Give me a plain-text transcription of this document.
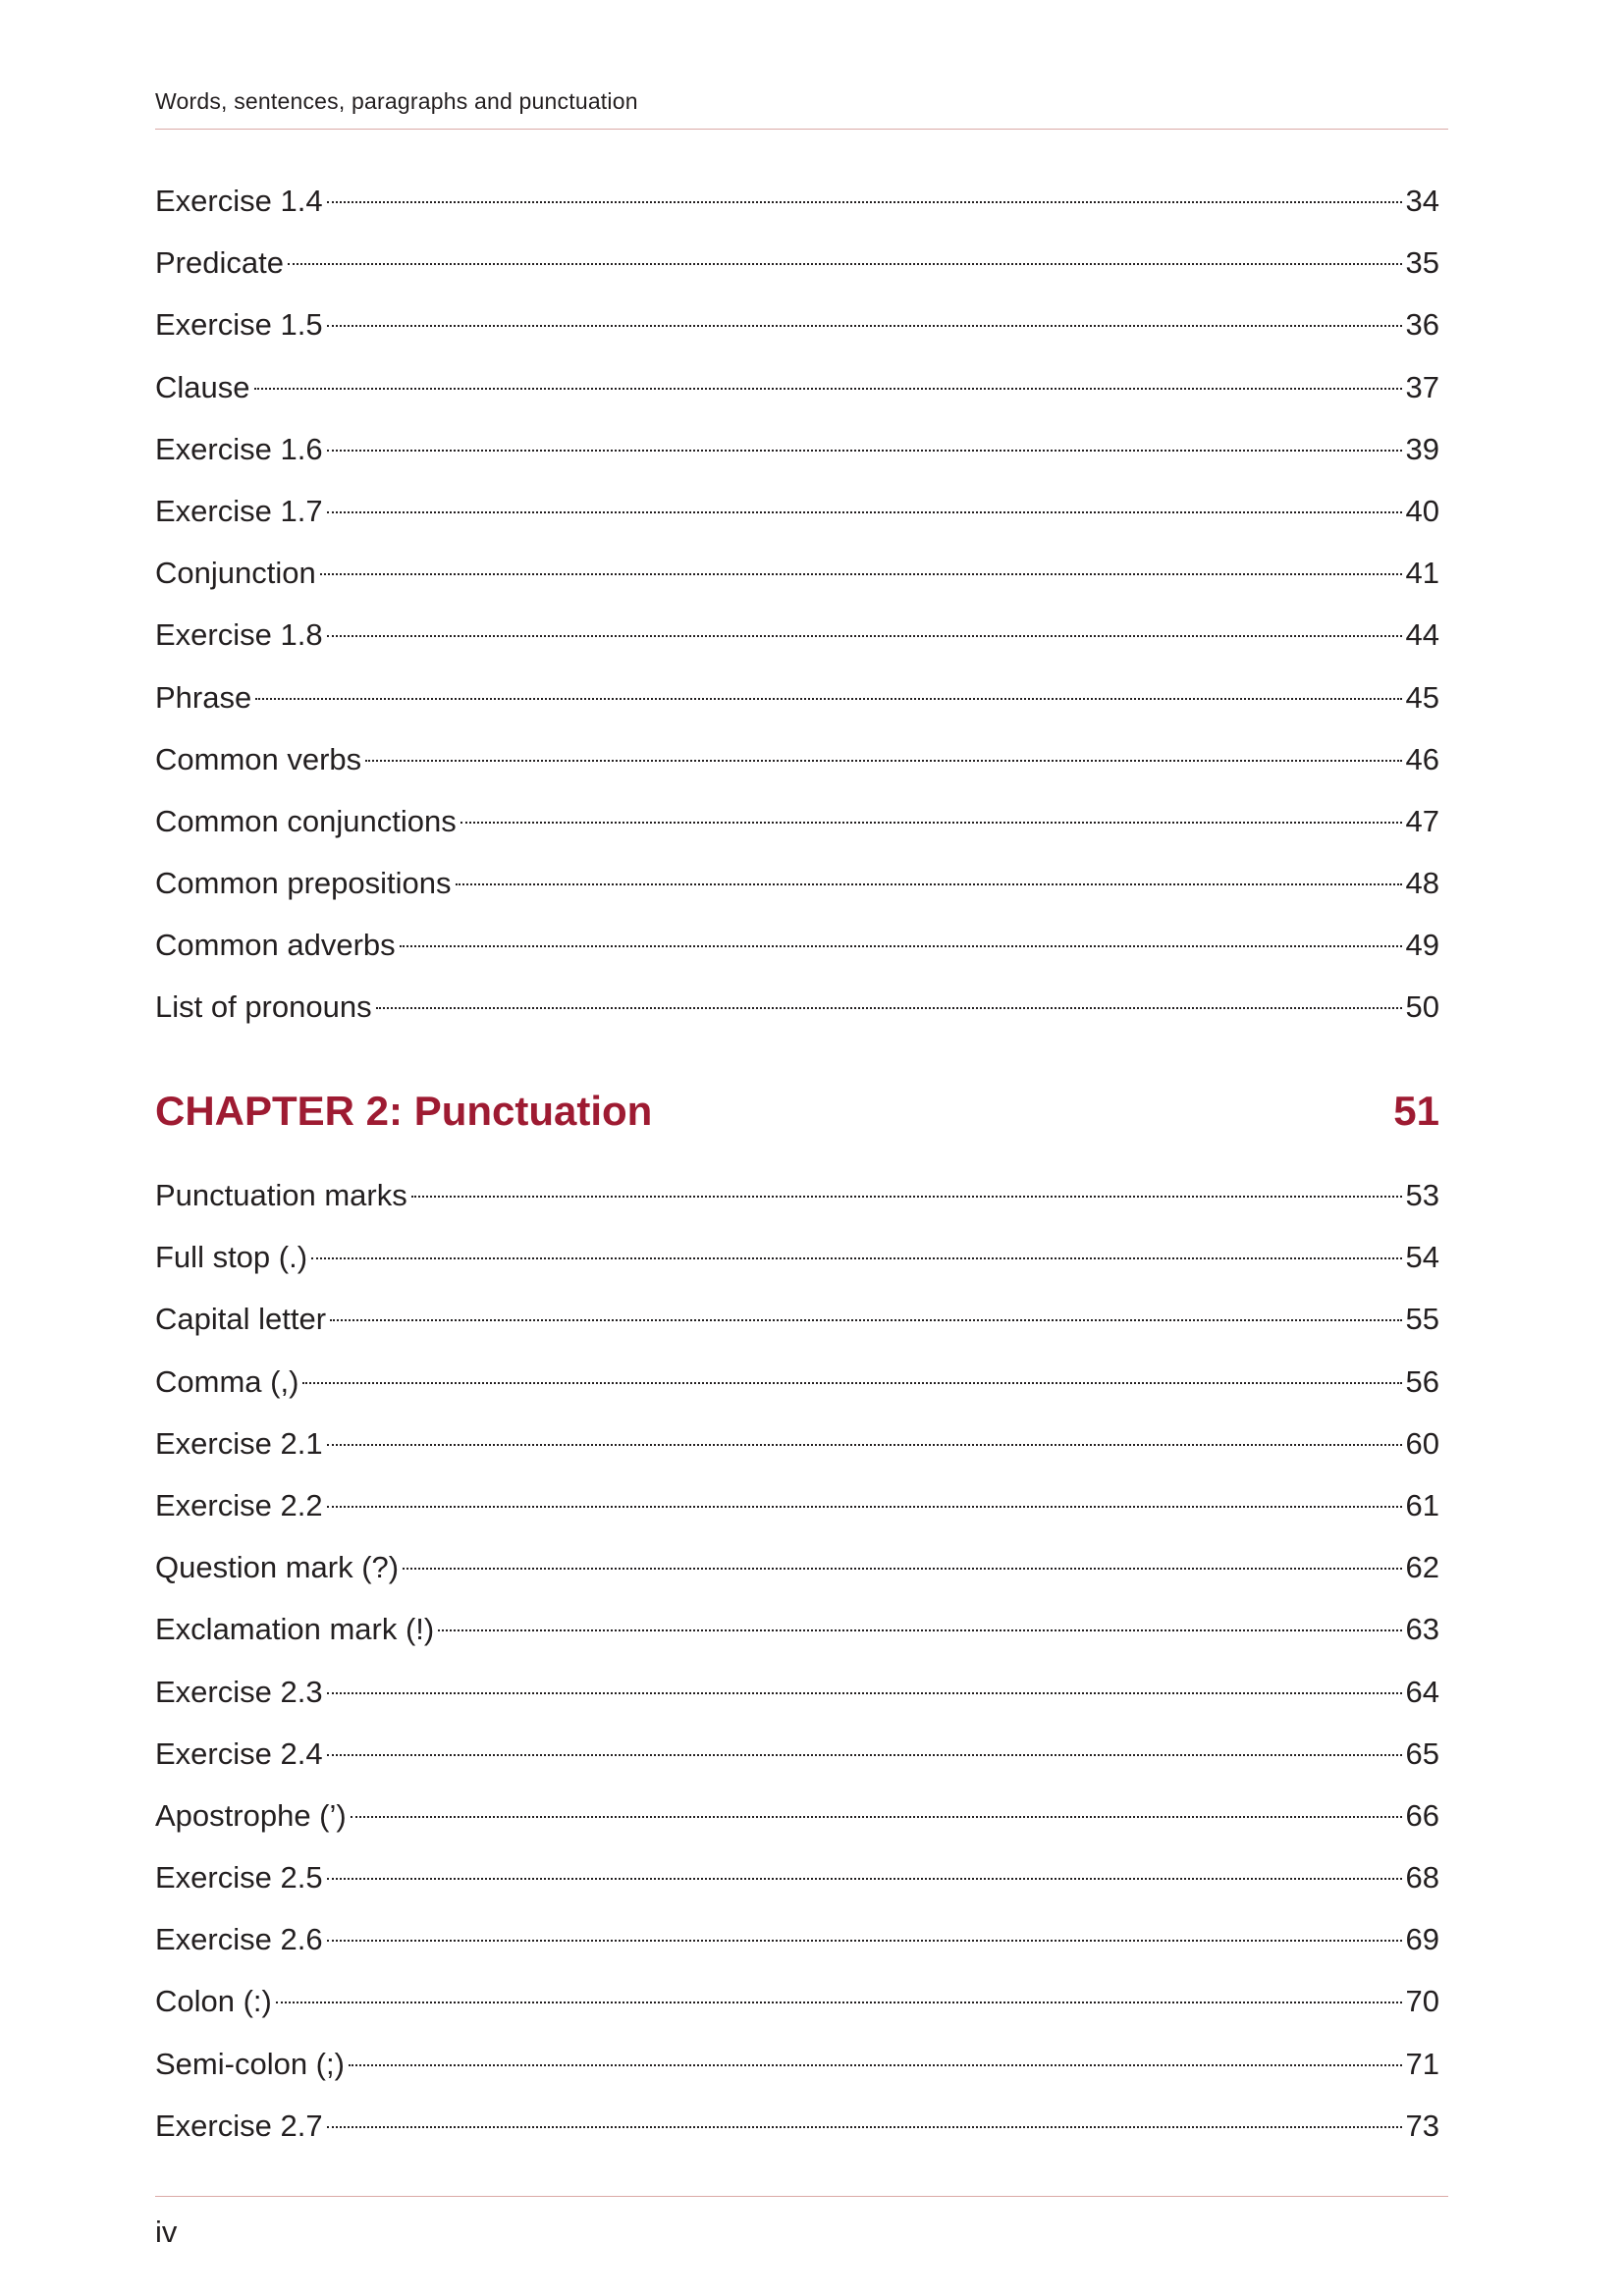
Words, sentences, paragraphs and punctuation
Exercise 1.4	34
Predicate	35
Exercise 1.5	36
Clause	37
Exercise 1.6	39
Exercise 1.7	40
Conjunction	41
Exercise 1.8	44
Phrase	45
Common verbs	46
Common conjunctions	47
Common prepositions	48
Common adverbs	49
List of pronouns	50
CHAPTER 2: Punctuation	51
Punctuation marks	53
Full stop (.)	54
Capital letter	55
Comma (,)	56
Exercise 2.1	60
Exercise 2.2	61
Question mark (?)	62
Exclamation mark (!)	63
Exercise 2.3	64
Exercise 2.4	65
Apostrophe (’)	66
Exercise 2.5	68
Exercise 2.6	69
Colon (:)	70
Semi-colon (;)	71
Exercise 2.7	73
iv
